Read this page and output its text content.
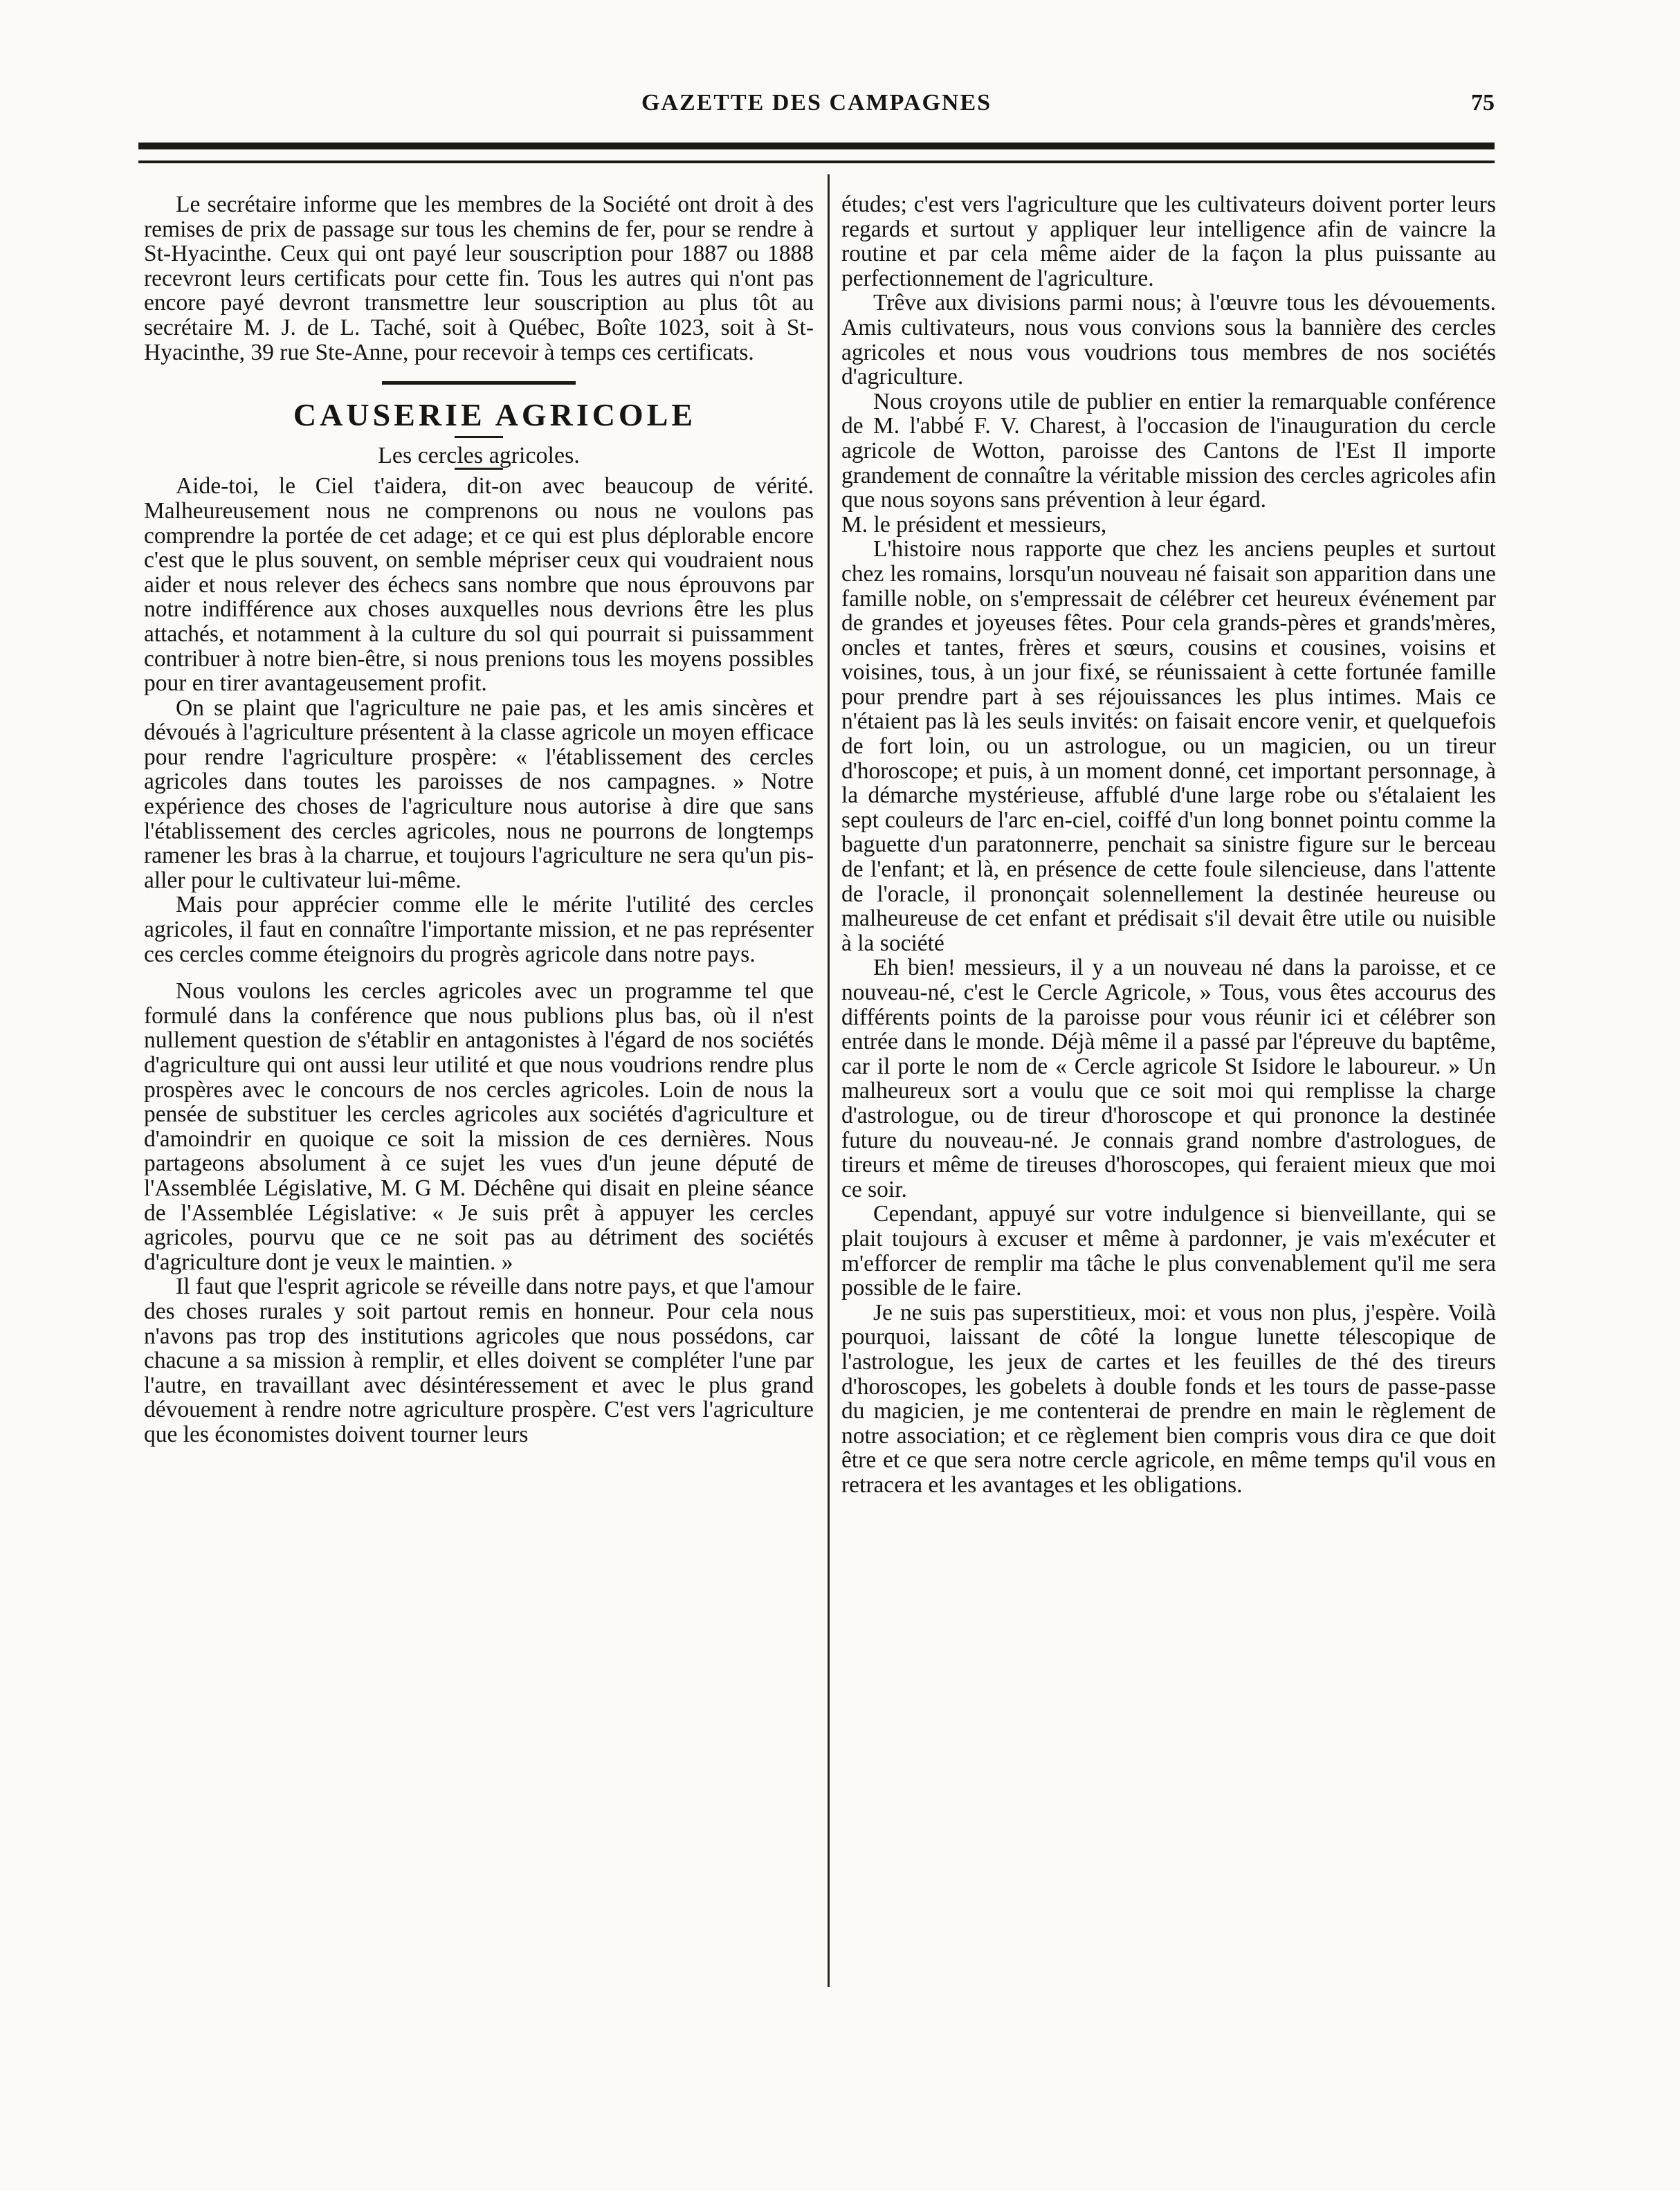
GAZETTE DES CAMPAGNES	75

Le secrétaire informe que les membres de la Société ont droit à des remises de prix de passage sur tous les chemins de fer, pour se rendre à St-Hyacinthe. Ceux qui ont payé leur souscription pour 1887 ou 1888 recevront leurs certificats pour cette fin. Tous les autres qui n'ont pas encore payé devront transmettre leur souscription au plus tôt au secrétaire M. J. de L. Taché, soit à Québec, Boîte 1023, soit à St-Hyacinthe, 39 rue Ste-Anne, pour recevoir à temps ces certificats.

CAUSERIE AGRICOLE

Les cercles agricoles.

Aide-toi, le Ciel t'aidera, dit-on avec beaucoup de vérité. Malheureusement nous ne comprenons ou nous ne voulons pas comprendre la portée de cet adage; et ce qui est plus déplorable encore c'est que le plus souvent, on semble mépriser ceux qui voudraient nous aider et nous relever des échecs sans nombre que nous éprouvons par notre indifférence aux choses auxquelles nous devrions être les plus attachés, et notamment à la culture du sol qui pourrait si puissamment contribuer à notre bien-être, si nous prenions tous les moyens possibles pour en tirer avantageusement profit.

On se plaint que l'agriculture ne paie pas, et les amis sincères et dévoués à l'agriculture présentent à la classe agricole un moyen efficace pour rendre l'agriculture prospère: « l'établissement des cercles agricoles dans toutes les paroisses de nos campagnes. » Notre expérience des choses de l'agriculture nous autorise à dire que sans l'établissement des cercles agricoles, nous ne pourrons de longtemps ramener les bras à la charrue, et toujours l'agriculture ne sera qu'un pis-aller pour le cultivateur lui-même.

Mais pour apprécier comme elle le mérite l'utilité des cercles agricoles, il faut en connaître l'importante mission, et ne pas représenter ces cercles comme éteignoirs du progrès agricole dans notre pays.

Nous voulons les cercles agricoles avec un programme tel que formulé dans la conférence que nous publions plus bas, où il n'est nullement question de s'établir en antagonistes à l'égard de nos sociétés d'agriculture qui ont aussi leur utilité et que nous voudrions rendre plus prospères avec le concours de nos cercles agricoles. Loin de nous la pensée de substituer les cercles agricoles aux sociétés d'agriculture et d'amoindrir en quoique ce soit la mission de ces dernières. Nous partageons absolument à ce sujet les vues d'un jeune député de l'Assemblée Législative, M. G M. Déchêne qui disait en pleine séance de l'Assemblée Législative: « Je suis prêt à appuyer les cercles agricoles, pourvu que ce ne soit pas au détriment des sociétés d'agriculture dont je veux le maintien. »

Il faut que l'esprit agricole se réveille dans notre pays, et que l'amour des choses rurales y soit partout remis en honneur. Pour cela nous n'avons pas trop des institutions agricoles que nous possédons, car chacune a sa mission à remplir, et elles doivent se compléter l'une par l'autre, en travaillant avec désintéressement et avec le plus grand dévouement à rendre notre agriculture prospère. C'est vers l'agriculture que les économistes doivent tourner leurs

études; c'est vers l'agriculture que les cultivateurs doivent porter leurs regards et surtout y appliquer leur intelligence afin de vaincre la routine et par cela même aider de la façon la plus puissante au perfectionnement de l'agriculture.

Trêve aux divisions parmi nous; à l'œuvre tous les dévouements. Amis cultivateurs, nous vous convions sous la bannière des cercles agricoles et nous vous voudrions tous membres de nos sociétés d'agriculture.

Nous croyons utile de publier en entier la remarquable conférence de M. l'abbé F. V. Charest, à l'occasion de l'inauguration du cercle agricole de Wotton, paroisse des Cantons de l'Est Il importe grandement de connaître la véritable mission des cercles agricoles afin que nous soyons sans prévention à leur égard.

M. le président et messieurs,

L'histoire nous rapporte que chez les anciens peuples et surtout chez les romains, lorsqu'un nouveau né faisait son apparition dans une famille noble, on s'empressait de célébrer cet heureux événement par de grandes et joyeuses fêtes. Pour cela grands-pères et grands'mères, oncles et tantes, frères et sœurs, cousins et cousines, voisins et voisines, tous, à un jour fixé, se réunissaient à cette fortunée famille pour prendre part à ses réjouissances les plus intimes. Mais ce n'étaient pas là les seuls invités: on faisait encore venir, et quelquefois de fort loin, ou un astrologue, ou un magicien, ou un tireur d'horoscope; et puis, à un moment donné, cet important personnage, à la démarche mystérieuse, affublé d'une large robe ou s'étalaient les sept couleurs de l'arc en-ciel, coiffé d'un long bonnet pointu comme la baguette d'un paratonnerre, penchait sa sinistre figure sur le berceau de l'enfant; et là, en présence de cette foule silencieuse, dans l'attente de l'oracle, il prononçait solennellement la destinée heureuse ou malheureuse de cet enfant et prédisait s'il devait être utile ou nuisible à la société

Eh bien! messieurs, il y a un nouveau né dans la paroisse, et ce nouveau-né, c'est le Cercle Agricole, » Tous, vous êtes accourus des différents points de la paroisse pour vous réunir ici et célébrer son entrée dans le monde. Déjà même il a passé par l'épreuve du baptême, car il porte le nom de « Cercle agricole St Isidore le laboureur. » Un malheureux sort a voulu que ce soit moi qui remplisse la charge d'astrologue, ou de tireur d'horoscope et qui prononce la destinée future du nouveau-né. Je connais grand nombre d'astrologues, de tireurs et même de tireuses d'horoscopes, qui feraient mieux que moi ce soir.

Cependant, appuyé sur votre indulgence si bienveillante, qui se plait toujours à excuser et même à pardonner, je vais m'exécuter et m'efforcer de remplir ma tâche le plus convenablement qu'il me sera possible de le faire.

Je ne suis pas superstitieux, moi: et vous non plus, j'espère. Voilà pourquoi, laissant de côté la longue lunette télescopique de l'astrologue, les jeux de cartes et les feuilles de thé des tireurs d'horoscopes, les gobelets à double fonds et les tours de passe-passe du magicien, je me contenterai de prendre en main le règlement de notre association; et ce règlement bien compris vous dira ce que doit être et ce que sera notre cercle agricole, en même temps qu'il vous en retracera et les avantages et les obligations.
